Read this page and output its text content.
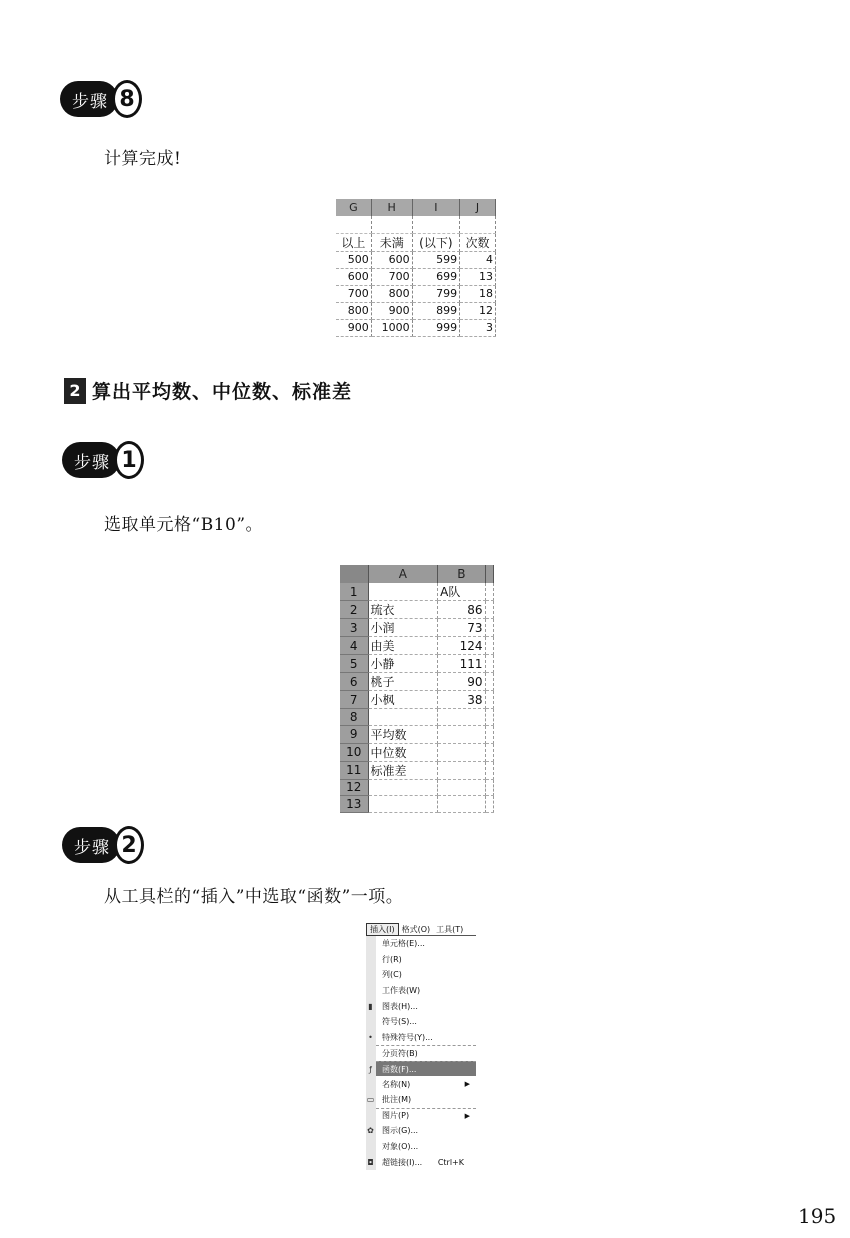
步骤 8
计算完成!
G	H	I	J

以上	未满	(以下)	次数
500	600	599	4
600	700	699	13
700	800	799	18
800	900	899	12
900	1000	999	3
2 算出平均数、中位数、标准差
步骤 1
选取单元格“B10”。
	A	B	
1		A队	
2	琉衣	86	
3	小润	73	
4	由美	124	
5	小静	111	
6	桃子	90	
7	小枫	38	
8			
9	平均数		
10	中位数		
11	标准差		
12			
13			
步骤 2
从工具栏的“插入”中选取“函数”一项。
插入(I) 格式(O) 工具(T)
单元格(E)...
行(R)
列(C)
工作表(W)
▮ 图表(H)...
符号(S)...
• 特殊符号(Y)...
分页符(B)
ƒ	函数(F)...
名称(N)	▶
▭ 批注(M)
图片(P)	▶
✿ 图示(G)...
对象(O)...
◘ 超链接(I)... Ctrl+K
195
